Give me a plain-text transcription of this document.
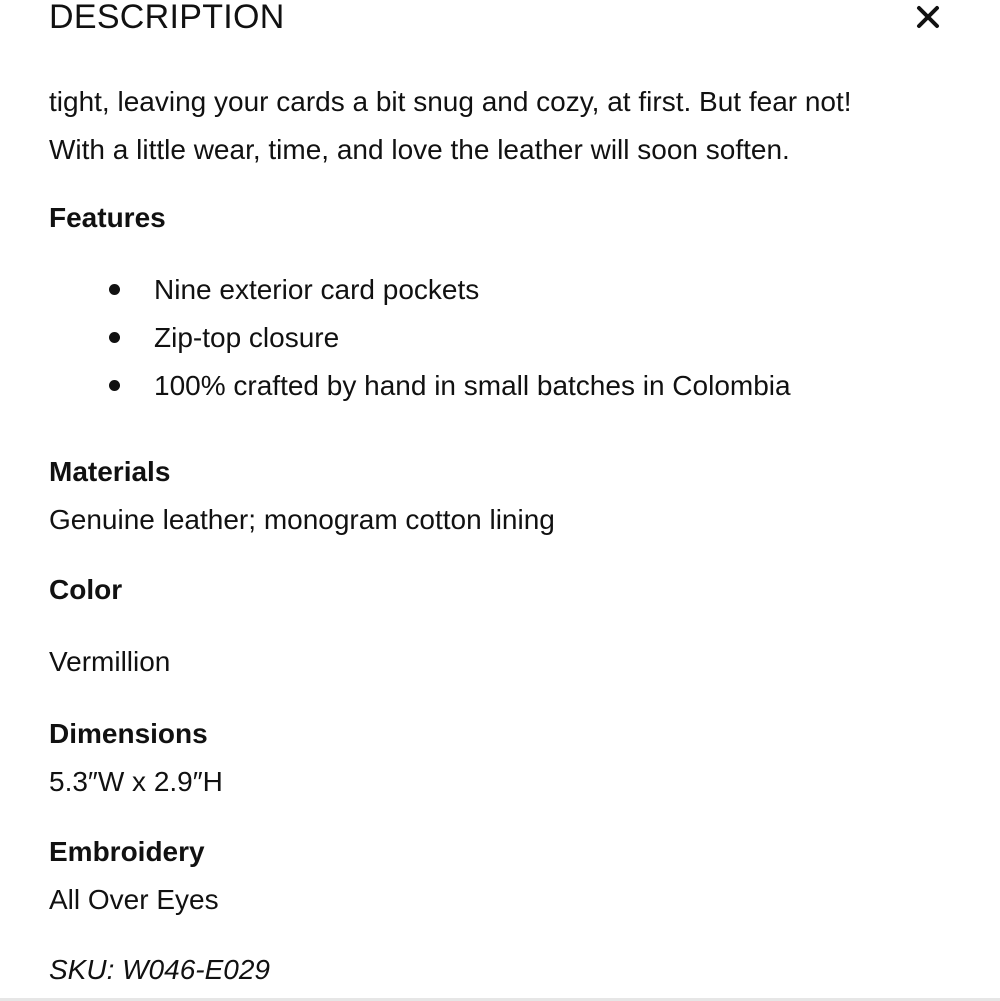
DESCRIPTION

tight, leaving your cards a bit snug and cozy, at first. But fear not!
With a little wear, time, and love the leather will soon soften.

Features
Nine exterior card pockets
Zip-top closure
100% crafted by hand in small batches in Colombia
Materials

Genuine leather; monogram cotton lining

Color

Vermillion

Dimensions

5.3″W x 2.9″H

Embroidery

All Over Eyes

SKU: W046-E029
